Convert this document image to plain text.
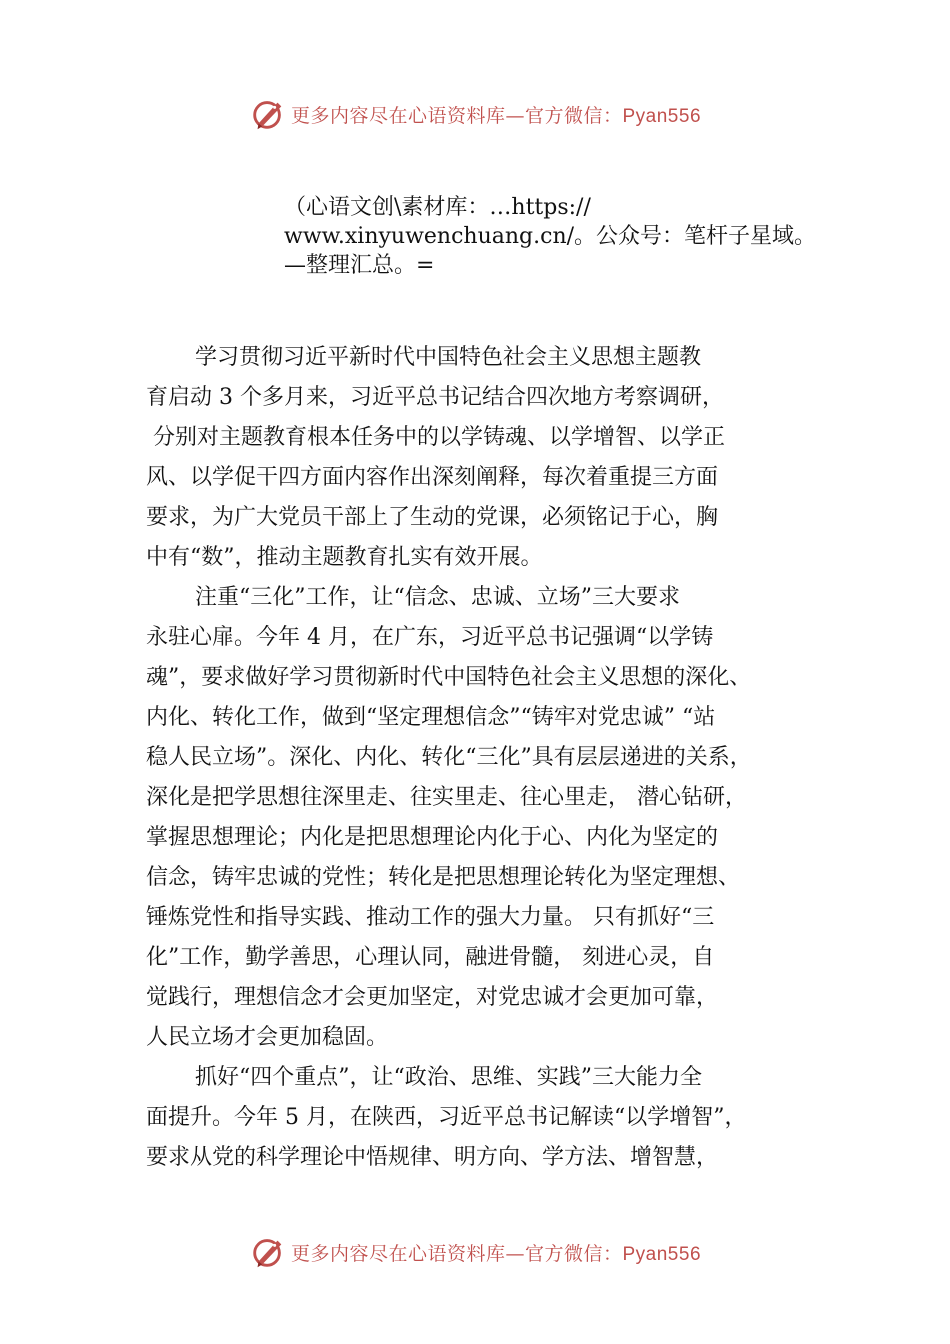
更多内容尽在心语资料库—官方微信：Pyan556
（心语文创\素材库：…https://
www.xinyuwenchuang.cn/。公众号：笔杆子星域。
—整理汇总。=
学习贯彻习近平新时代中国特色社会主义思想主题教
育启动 3 个多月来，习近平总书记结合四次地方考察调研，
分别对主题教育根本任务中的以学铸魂、以学增智、以学正
风、以学促干四方面内容作出深刻阐释，每次着重提三方面
要求，为广大党员干部上了生动的党课，必须铭记于心，胸
中有“数”，推动主题教育扎实有效开展。
注重“三化”工作，让“信念、忠诚、立场”三大要求
永驻心扉。今年 4 月，在广东，习近平总书记强调“以学铸
魂”，要求做好学习贯彻新时代中国特色社会主义思想的深化、
内化、转化工作，做到“坚定理想信念”“铸牢对党忠诚” “站
稳人民立场”。深化、内化、转化“三化”具有层层递进的关系，
深化是把学思想往深里走、往实里走、往心里走， 潜心钻研，
掌握思想理论；内化是把思想理论内化于心、内化为坚定的
信念，铸牢忠诚的党性；转化是把思想理论转化为坚定理想、
锤炼党性和指导实践、推动工作的强大力量。 只有抓好“三
化”工作，勤学善思，心理认同，融进骨髓， 刻进心灵，自
觉践行，理想信念才会更加坚定，对党忠诚才会更加可靠，
人民立场才会更加稳固。
抓好“四个重点”，让“政治、思维、实践”三大能力全
面提升。今年 5 月，在陕西，习近平总书记解读“以学增智”，
要求从党的科学理论中悟规律、明方向、学方法、增智慧，
更多内容尽在心语资料库—官方微信：Pyan556
